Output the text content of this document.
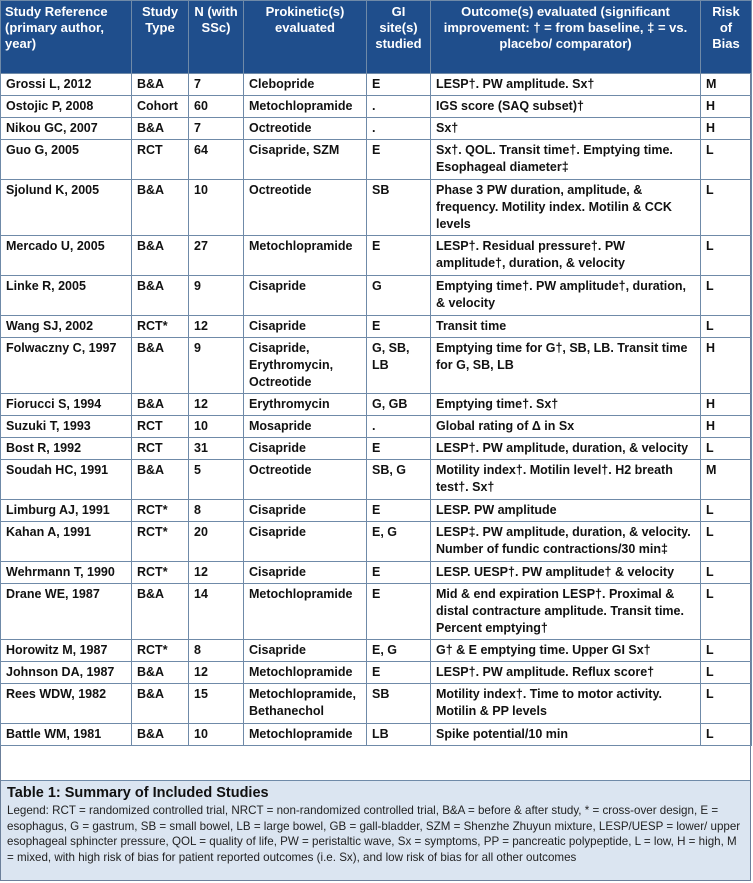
Study Reference (primary author, year)	Study Type	N (with SSc)	Prokinetic(s) evaluated	GI site(s) studied	Outcome(s) evaluated (significant improvement: † = from baseline, ‡ = vs. placebo/ comparator)	Risk of Bias
Grossi L, 2012	B&A	7	Clebopride	E	LESP†. PW amplitude. Sx†	M
Ostojic P, 2008	Cohort	60	Metochlopramide	.	IGS score (SAQ subset)†	H
Nikou GC, 2007	B&A	7	Octreotide	.	Sx†	H
Guo G, 2005	RCT	64	Cisapride, SZM	E	Sx†. QOL. Transit time†. Emptying time. Esophageal diameter‡	L
Sjolund K, 2005	B&A	10	Octreotide	SB	Phase 3 PW duration, amplitude, & frequency. Motility index. Motilin & CCK levels	L
Mercado U, 2005	B&A	27	Metochlopramide	E	LESP†. Residual pressure†. PW amplitude†, duration, & velocity	L
Linke R, 2005	B&A	9	Cisapride	G	Emptying time†. PW amplitude†, duration, & velocity	L
Wang SJ, 2002	RCT*	12	Cisapride	E	Transit time	L
Folwaczny C, 1997	B&A	9	Cisapride, Erythromycin, Octreotide	G, SB, LB	Emptying time for G†, SB, LB. Transit time for G, SB, LB	H
Fiorucci S, 1994	B&A	12	Erythromycin	G, GB	Emptying time†. Sx†	H
Suzuki T, 1993	RCT	10	Mosapride	.	Global rating of Δ in Sx	H
Bost R, 1992	RCT	31	Cisapride	E	LESP†. PW amplitude, duration, & velocity	L
Soudah HC, 1991	B&A	5	Octreotide	SB, G	Motility index†. Motilin level†. H2 breath test†. Sx†	M
Limburg AJ, 1991	RCT*	8	Cisapride	E	LESP. PW amplitude	L
Kahan A, 1991	RCT*	20	Cisapride	E, G	LESP‡. PW amplitude, duration, & velocity. Number of fundic contractions/30 min‡	L
Wehrmann T, 1990	RCT*	12	Cisapride	E	LESP. UESP†. PW amplitude† & velocity	L
Drane WE, 1987	B&A	14	Metochlopramide	E	Mid & end expiration LESP†. Proximal & distal contracture amplitude. Transit time. Percent emptying†	L
Horowitz M, 1987	RCT*	8	Cisapride	E, G	G† & E emptying time. Upper GI Sx†	L
Johnson DA, 1987	B&A	12	Metochlopramide	E	LESP†. PW amplitude. Reflux score†	L
Rees WDW, 1982	B&A	15	Metochlopramide, Bethanechol	SB	Motility index†. Time to motor activity. Motilin & PP levels	L
Battle WM, 1981	B&A	10	Metochlopramide	LB	Spike potential/10 min	L
Table 1: Summary of Included Studies
Legend: RCT = randomized controlled trial, NRCT = non-randomized controlled trial, B&A = before & after study, * = cross-over design, E = esophagus, G = gastrum, SB = small bowel, LB = large bowel, GB = gall-bladder, SZM = Shenzhe Zhuyun mixture, LESP/UESP = lower/ upper esophageal sphincter pressure, QOL = quality of life, PW = peristaltic wave, Sx = symptoms, PP = pancreatic polypeptide, L = low, H = high, M = mixed, with high risk of bias for patient reported outcomes (i.e. Sx), and low risk of bias for all other outcomes
